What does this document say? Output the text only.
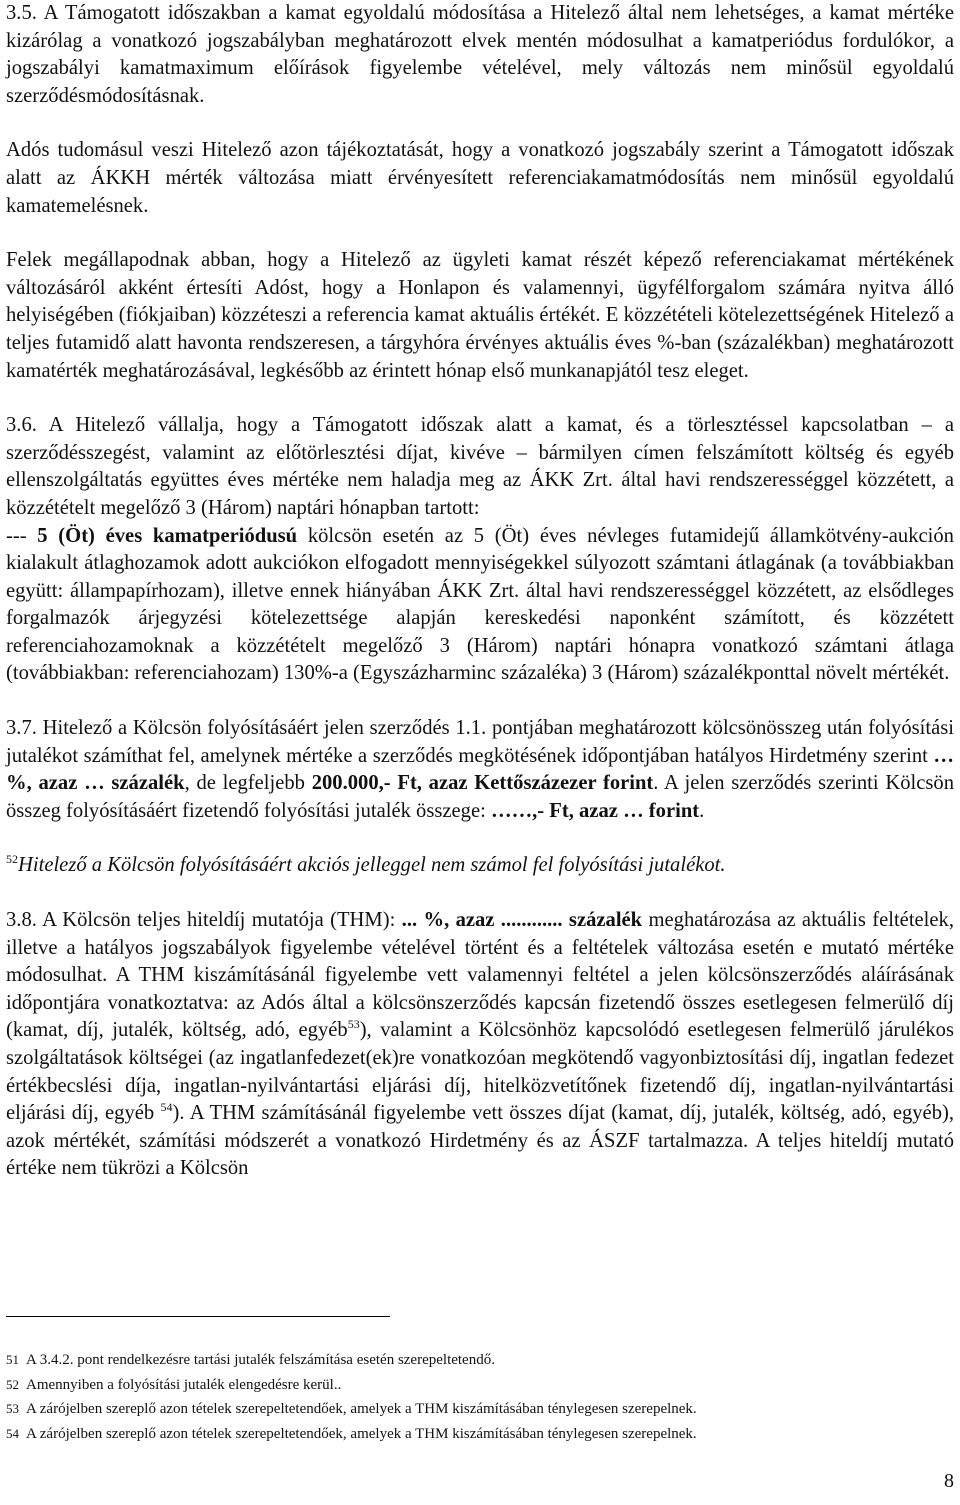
3.5. A Támogatott időszakban a kamat egyoldalú módosítása a Hitelező által nem lehetséges, a kamat mértéke kizárólag a vonatkozó jogszabályban meghatározott elvek mentén módosulhat a kamatperiódus fordulókor, a jogszabályi kamatmaximum előírások figyelembe vételével, mely változás nem minősül egyoldalú szerződésmódosításnak.

Adós tudomásul veszi Hitelező azon tájékoztatását, hogy a vonatkozó jogszabály szerint a Támogatott időszak alatt az ÁKKH mérték változása miatt érvényesített referenciakamatmódosítás nem minősül egyoldalú kamatemelésnek.

Felek megállapodnak abban, hogy a Hitelező az ügyleti kamat részét képező referenciakamat mértékének változásáról akként értesíti Adóst, hogy a Honlapon és valamennyi, ügyfélforgalom számára nyitva álló helyiségében (fiókjaiban) közzéteszi a referencia kamat aktuális értékét. E közzétételi kötelezettségének Hitelező a teljes futamidő alatt havonta rendszeresen, a tárgyhóra érvényes aktuális éves %-ban (százalékban) meghatározott kamatérték meghatározásával, legkésőbb az érintett hónap első munkanapjától tesz eleget.

3.6. A Hitelező vállalja, hogy a Támogatott időszak alatt a kamat, és a törlesztéssel kapcsolatban – a szerződésszegést, valamint az előtörlesztési díjat, kivéve – bármilyen címen felszámított költség és egyéb ellenszolgáltatás együttes éves mértéke nem haladja meg az ÁKK Zrt. által havi rendszerességgel közzétett, a közzétételt megelőző 3 (Három) naptári hónapban tartott:
--- 5 (Öt) éves kamatperiódusú kölcsön esetén az 5 (Öt) éves névleges futamidejű államkötvény-aukción kialakult átlaghozamok adott aukciókon elfogadott mennyiségekkel súlyozott számtani átlagának (a továbbiakban együtt: állampapírhozam), illetve ennek hiányában ÁKK Zrt. által havi rendszerességgel közzétett, az elsődleges forgalmazók árjegyzési kötelezettsége alapján kereskedési naponként számított, és közzétett referenciahozamoknak a közzétételt megelőző 3 (Három) naptári hónapra vonatkozó számtani átlaga (továbbiakban: referenciahozam) 130%-a (Egyszázharminc százaléka) 3 (Három) százalékponttal növelt mértékét.

3.7. Hitelező a Kölcsön folyósításáért jelen szerződés 1.1. pontjában meghatározott kölcsönösszeg után folyósítási jutalékot számíthat fel, amelynek mértéke a szerződés megkötésének időpontjában hatályos Hirdetmény szerint …%, azaz … százalék, de legfeljebb 200.000,- Ft, azaz Kettőszázezer forint. A jelen szerződés szerinti Kölcsön összeg folyósításáért fizetendő folyósítási jutalék összege: ……,- Ft, azaz … forint.

$^{52}$Hitelező a Kölcsön folyósításáért akciós jelleggel nem számol fel folyósítási jutalékot.

3.8. A Kölcsön teljes hiteldíj mutatója (THM): ... %, azaz ............ százalék meghatározása az aktuális feltételek, illetve a hatályos jogszabályok figyelembe vételével történt és a feltételek változása esetén e mutató mértéke módosulhat. A THM kiszámításánál figyelembe vett valamennyi feltétel a jelen kölcsönszerződés aláírásának időpontjára vonatkoztatva: az Adós által a kölcsönszerződés kapcsán fizetendő összes esetlegesen felmerülő díj (kamat, díj, jutalék, költség, adó, egyéb$^{53}$), valamint a Kölcsönhöz kapcsolódó esetlegesen felmerülő járulékos szolgáltatások költségei (az ingatlanfedezet(ek)re vonatkozóan megkötendő vagyonbiztosítási díj, ingatlan fedezet értékbecslési díja, ingatlan-nyilvántartási eljárási díj, hitelközvetítőnek fizetendő díj, ingatlan-nyilvántartási eljárási díj, egyéb $^{54}$). A THM számításánál figyelembe vett összes díjat (kamat, díj, jutalék, költség, adó, egyéb), azok mértékét, számítási módszerét a vonatkozó Hirdetmény és az ÁSZF tartalmazza. A teljes hiteldíj mutató értéke nem tükrözi a Kölcsön

51 A 3.4.2. pont rendelkezésre tartási jutalék felszámítása esetén szerepeltetendő.

52 Amennyiben a folyósítási jutalék elengedésre kerül..

53 A zárójelben szereplő azon tételek szerepeltetendőek, amelyek a THM kiszámításában ténylegesen szerepelnek.

54 A zárójelben szereplő azon tételek szerepeltetendőek, amelyek a THM kiszámításában ténylegesen szerepelnek.

8
